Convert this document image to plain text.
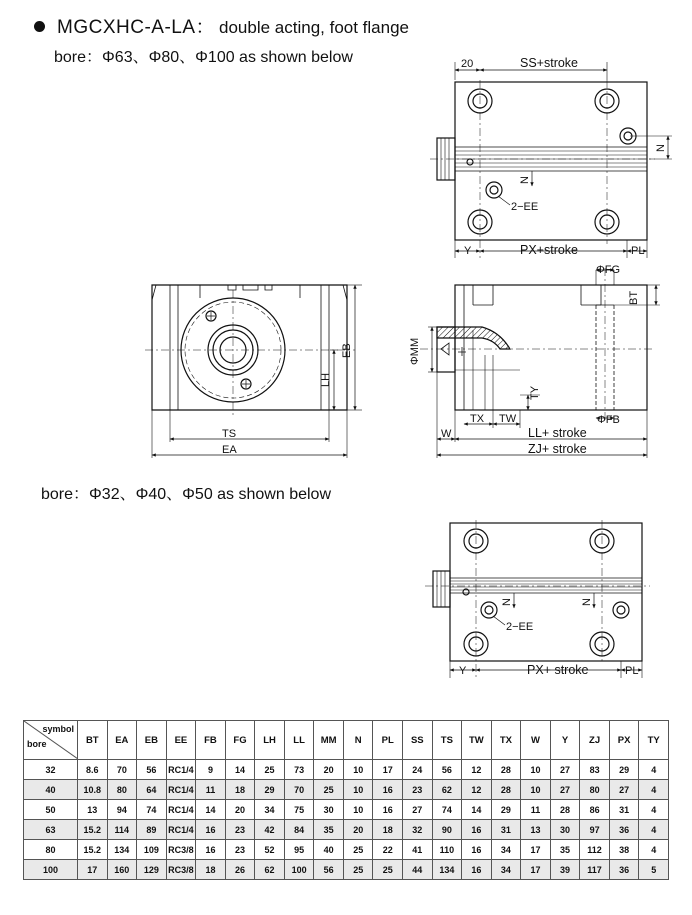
MGCXHC-A-LA： double acting, foot flange
bore：Φ63、Φ80、Φ100 as shown below
bore：Φ32、Φ40、Φ50 as shown below
20	SS+stroke
N
N
2−EE
Y	PX+stroke	PL
ΦFG
BT
ΦMM
TY
TX TW	ΦFB
W	LL+ stroke
ZJ+ stroke
EB
LH
TS
EA
N	N
2−EE
Y	PX+ stroke	PL
symbol
bore	BT	EA	EB	EE	FB	FG	LH	LL	MM	N	PL	SS	TS	TW	TX	W	Y	ZJ	PX	TY
32	8.6	70	56	RC1/4	9	14	25	73	20	10	17	24	56	12	28	10	27	83	29	4
40	10.8	80	64	RC1/4	11	18	29	70	25	10	16	23	62	12	28	10	27	80	27	4
50	13	94	74	RC1/4	14	20	34	75	30	10	16	27	74	14	29	11	28	86	31	4
63	15.2	114	89	RC1/4	16	23	42	84	35	20	18	32	90	16	31	13	30	97	36	4
80	15.2	134	109	RC3/8	16	23	52	95	40	25	22	41	110	16	34	17	35	112	38	4
100	17	160	129	RC3/8	18	26	62	100	56	25	25	44	134	16	34	17	39	117	36	5
